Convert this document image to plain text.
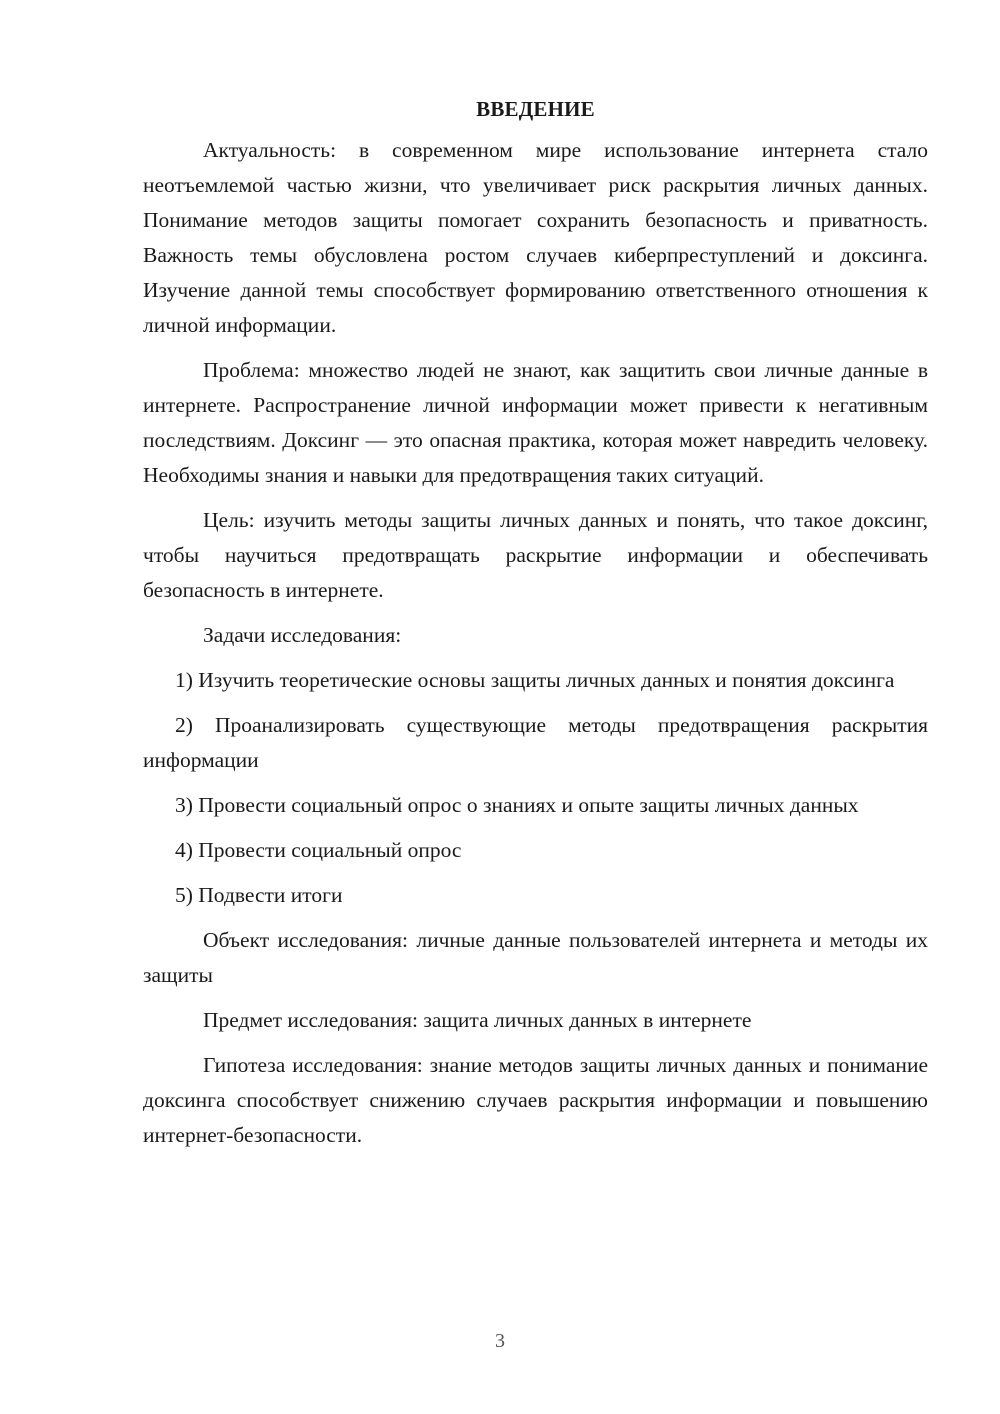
ВВЕДЕНИЕ

Актуальность: в современном мире использование интернета стало неотъемлемой частью жизни, что увеличивает риск раскрытия личных данных. Понимание методов защиты помогает сохранить безопасность и приватность. Важность темы обусловлена ростом случаев киберпреступлений и доксинга. Изучение данной темы способствует формированию ответственного отношения к личной информации.

Проблема: множество людей не знают, как защитить свои личные данные в интернете. Распространение личной информации может привести к негативным последствиям. Доксинг — это опасная практика, которая может навредить человеку. Необходимы знания и навыки для предотвращения таких ситуаций.

Цель: изучить методы защиты личных данных и понять, что такое доксинг, чтобы научиться предотвращать раскрытие информации и обеспечивать безопасность в интернете.

Задачи исследования:

1) Изучить теоретические основы защиты личных данных и понятия доксинга

2) Проанализировать существующие методы предотвращения раскрытия информации

3) Провести социальный опрос о знаниях и опыте защиты личных данных

4) Провести социальный опрос

5) Подвести итоги

Объект исследования: личные данные пользователей интернета и методы их защиты

Предмет исследования: защита личных данных в интернете

Гипотеза исследования: знание методов защиты личных данных и понимание доксинга способствует снижению случаев раскрытия информации и повышению интернет-безопасности.

3
